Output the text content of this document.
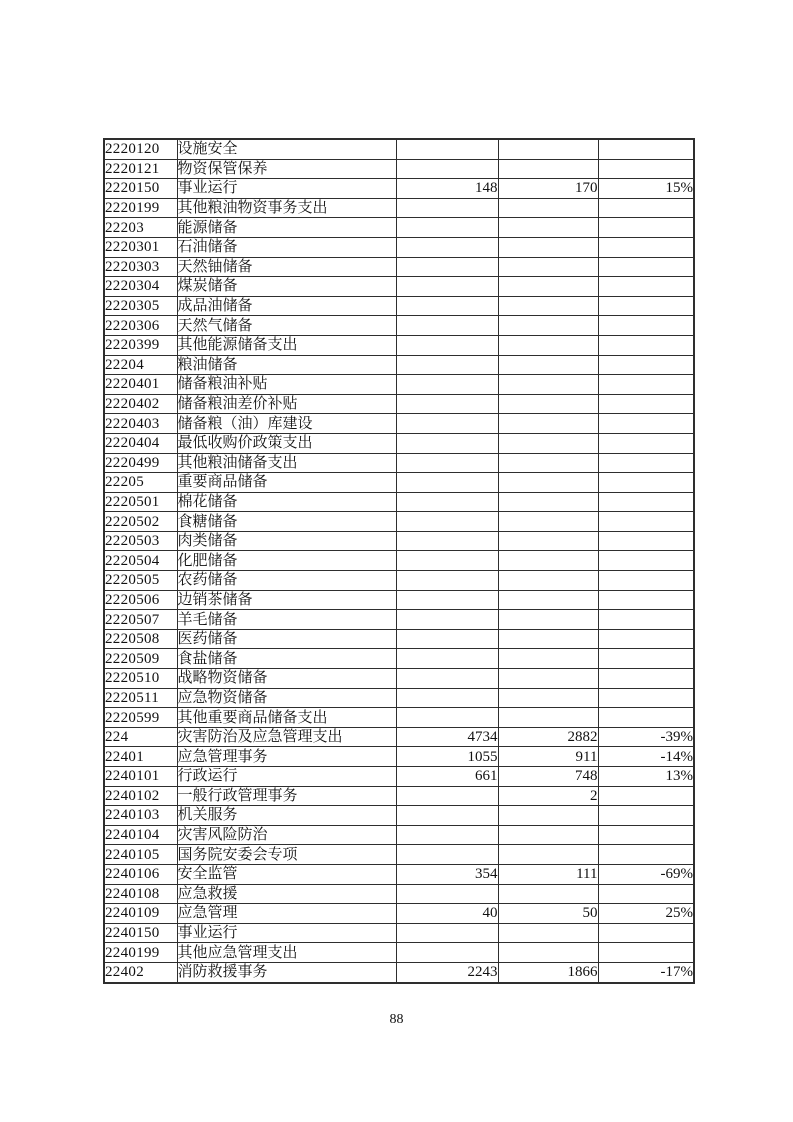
2220120	设施安全			
2220121	物资保管保养			
2220150	事业运行	148	170	15%
2220199	其他粮油物资事务支出			
22203	能源储备			
2220301	石油储备			
2220303	天然铀储备			
2220304	煤炭储备			
2220305	成品油储备			
2220306	天然气储备			
2220399	其他能源储备支出			
22204	粮油储备			
2220401	储备粮油补贴			
2220402	储备粮油差价补贴			
2220403	储备粮（油）库建设			
2220404	最低收购价政策支出			
2220499	其他粮油储备支出			
22205	重要商品储备			
2220501	棉花储备			
2220502	食糖储备			
2220503	肉类储备			
2220504	化肥储备			
2220505	农药储备			
2220506	边销茶储备			
2220507	羊毛储备			
2220508	医药储备			
2220509	食盐储备			
2220510	战略物资储备			
2220511	应急物资储备			
2220599	其他重要商品储备支出			
224	灾害防治及应急管理支出	4734	2882	-39%
22401	应急管理事务	1055	911	-14%
2240101	行政运行	661	748	13%
2240102	一般行政管理事务		2	
2240103	机关服务			
2240104	灾害风险防治			
2240105	国务院安委会专项			
2240106	安全监管	354	111	-69%
2240108	应急救援			
2240109	应急管理	40	50	25%
2240150	事业运行			
2240199	其他应急管理支出			
22402	消防救援事务	2243	1866	-17%
88
